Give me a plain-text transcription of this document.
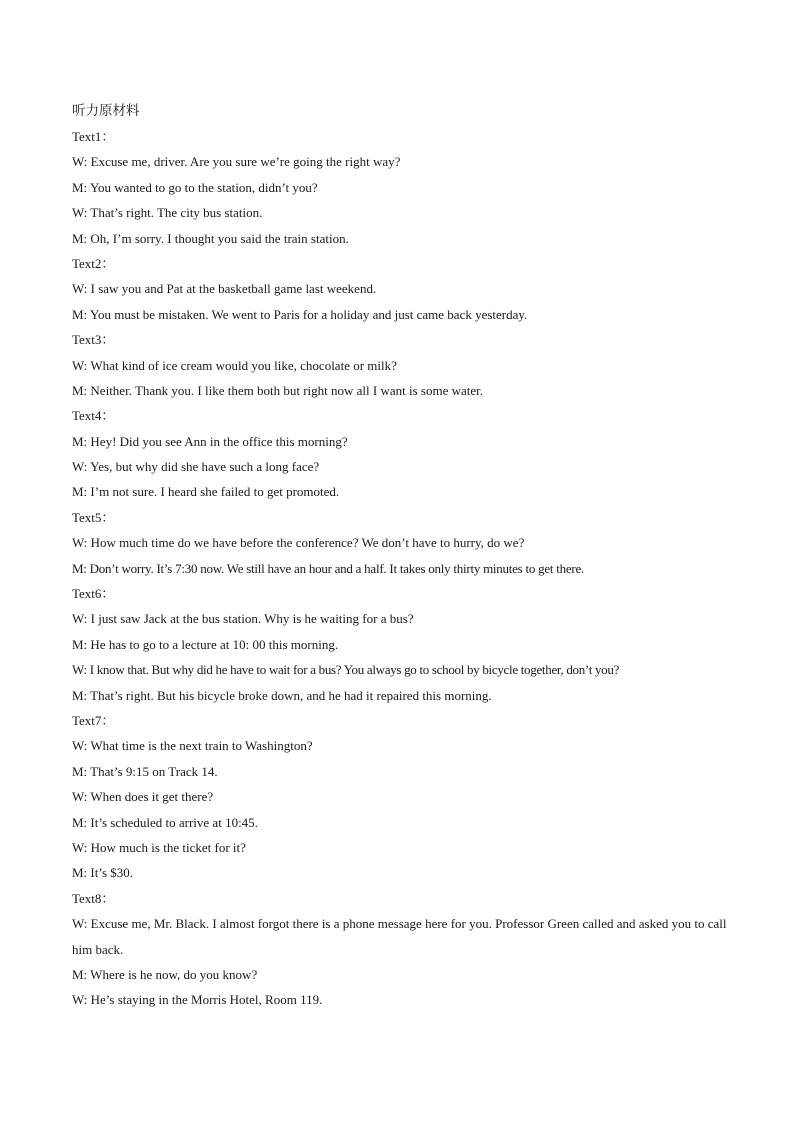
听力原材料
Text1：
W: Excuse me, driver. Are you sure we’re going the right way?
M: You wanted to go to the station, didn’t you?
W: That’s right. The city bus station.
M: Oh, I’m sorry. I thought you said the train station.
Text2：
W: I saw you and Pat at the basketball game last weekend.
M: You must be mistaken. We went to Paris for a holiday and just came back yesterday.
Text3：
W: What kind of ice cream would you like, chocolate or milk?
M: Neither. Thank you. I like them both but right now all I want is some water.
Text4：
M: Hey! Did you see Ann in the office this morning?
W: Yes, but why did she have such a long face?
M: I’m not sure. I heard she failed to get promoted.
Text5：
W: How much time do we have before the conference? We don’t have to hurry, do we?
M: Don’t worry. It’s 7:30 now. We still have an hour and a half. It takes only thirty minutes to get there.
Text6：
W: I just saw Jack at the bus station. Why is he waiting for a bus?
M: He has to go to a lecture at 10: 00 this morning.
W: I know that. But why did he have to wait for a bus? You always go to school by bicycle together, don’t you?
M: That’s right. But his bicycle broke down, and he had it repaired this morning.
Text7：
W: What time is the next train to Washington?
M: That’s 9:15 on Track 14.
W: When does it get there?
M: It’s scheduled to arrive at 10:45.
W: How much is the ticket for it?
M: It’s $30.
Text8：
W: Excuse me, Mr. Black. I almost forgot there is a phone message here for you. Professor Green called and asked you to call him back.
M: Where is he now, do you know?
W: He’s staying in the Morris Hotel, Room 119.
